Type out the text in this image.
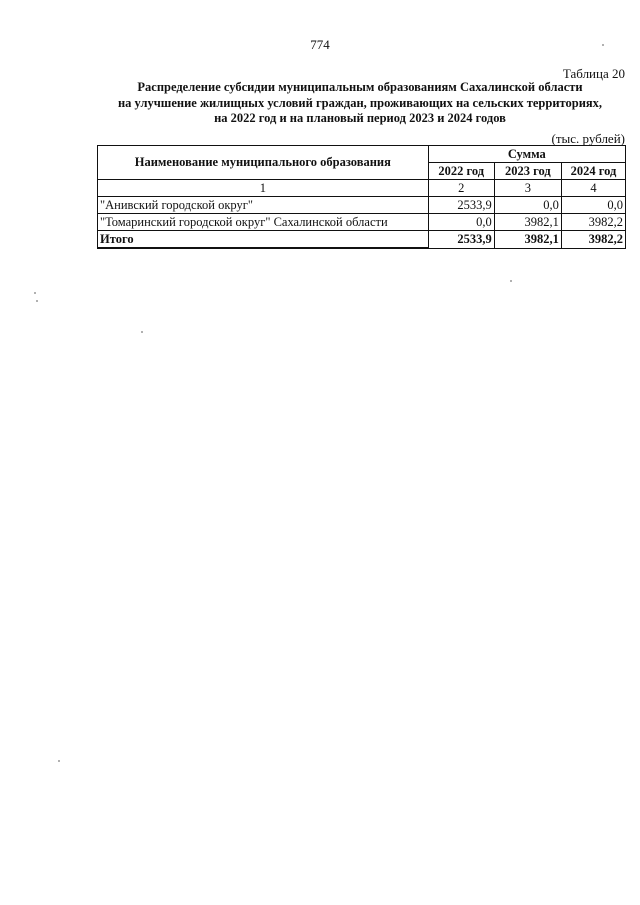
774
Таблица 20
Распределение субсидии муниципальным образованиям Сахалинской области
на улучшение жилищных условий граждан, проживающих на сельских территориях,
на 2022 год и на плановый период 2023 и 2024 годов
(тыс. рублей)
Наименование муниципального образования	Сумма		
	2022 год	2023 год	2024 год
1	2	3	4
"Анивский городской округ"	2533,9	0,0	0,0
"Томаринский городской округ" Сахалинской области	0,0	3982,1	3982,2
Итого	2533,9	3982,1	3982,2
